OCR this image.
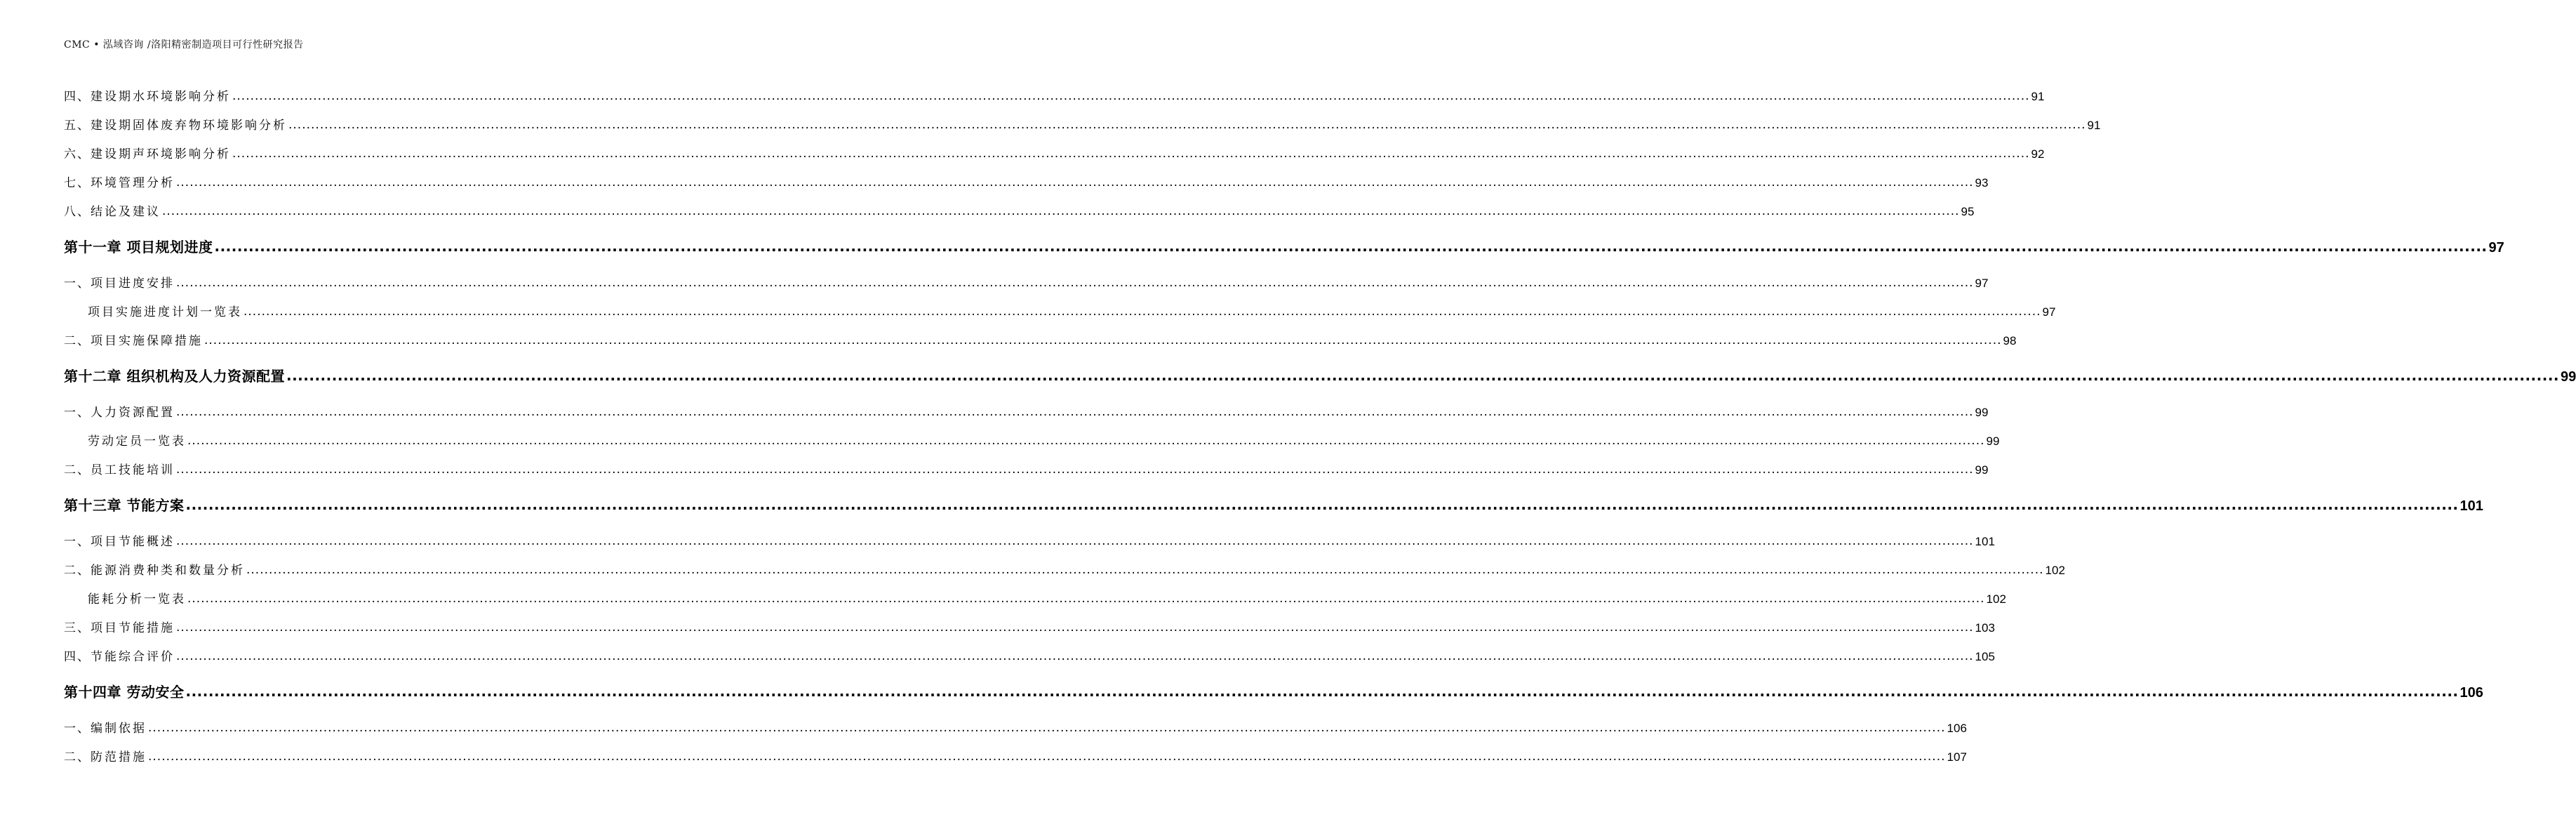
CMC • 泓域咨询 /洛阳精密制造项目可行性研究报告
四、 建设期水环境影响分析 ................................................................................................................................................................................................................................................................................................................................................................................................................ 91
五、 建设期固体废弃物环境影响分析 ................................................................................................................................................................................................................................................................................................................................................................................................................ 91
六、 建设期声环境影响分析 ................................................................................................................................................................................................................................................................................................................................................................................................................ 92
七、 环境管理分析 ................................................................................................................................................................................................................................................................................................................................................................................................................ 93
八、 结论及建议 ................................................................................................................................................................................................................................................................................................................................................................................................................ 95
第十一章 项目规划进度 ................................................................................................................................................................................................................................................................................................................................................................................................................ 97
一、 项目进度安排 ................................................................................................................................................................................................................................................................................................................................................................................................................ 97
项目实施进度计划一览表 ................................................................................................................................................................................................................................................................................................................................................................................................................ 97
二、 项目实施保障措施 ................................................................................................................................................................................................................................................................................................................................................................................................................ 98
第十二章 组织机构及人力资源配置 ................................................................................................................................................................................................................................................................................................................................................................................................................ 99
一、 人力资源配置 ................................................................................................................................................................................................................................................................................................................................................................................................................ 99
劳动定员一览表 ................................................................................................................................................................................................................................................................................................................................................................................................................ 99
二、 员工技能培训 ................................................................................................................................................................................................................................................................................................................................................................................................................ 99
第十三章 节能方案 ................................................................................................................................................................................................................................................................................................................................................................................................................ 101
一、 项目节能概述 ................................................................................................................................................................................................................................................................................................................................................................................................................ 101
二、 能源消费种类和数量分析 ................................................................................................................................................................................................................................................................................................................................................................................................................ 102
能耗分析一览表 ................................................................................................................................................................................................................................................................................................................................................................................................................ 102
三、 项目节能措施 ................................................................................................................................................................................................................................................................................................................................................................................................................ 103
四、 节能综合评价 ................................................................................................................................................................................................................................................................................................................................................................................................................ 105
第十四章 劳动安全 ................................................................................................................................................................................................................................................................................................................................................................................................................ 106
一、 编制依据 ................................................................................................................................................................................................................................................................................................................................................................................................................ 106
二、 防范措施 ................................................................................................................................................................................................................................................................................................................................................................................................................ 107
